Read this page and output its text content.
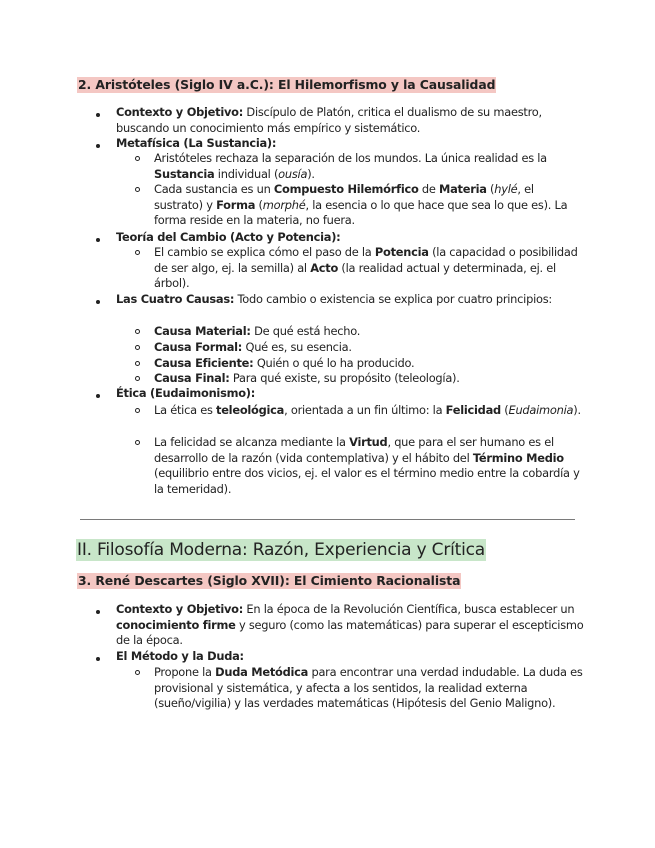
2. Aristóteles (Siglo IV a.C.): El Hilemorfismo y la Causalidad
Contexto y Objetivo: Discípulo de Platón, critica el dualismo de su maestro, buscando un conocimiento más empírico y sistemático.
Metafísica (La Sustancia):
Aristóteles rechaza la separación de los mundos. La única realidad es la Sustancia individual (ousía).
Cada sustancia es un Compuesto Hilemórfico de Materia (hylé, el sustrato) y Forma (morphé, la esencia o lo que hace que sea lo que es). La forma reside en la materia, no fuera.
Teoría del Cambio (Acto y Potencia):
El cambio se explica cómo el paso de la Potencia (la capacidad o posibilidad de ser algo, ej. la semilla) al Acto (la realidad actual y determinada, ej. el árbol).
Las Cuatro Causas: Todo cambio o existencia se explica por cuatro principios:
Causa Material: De qué está hecho.
Causa Formal: Qué es, su esencia.
Causa Eficiente: Quién o qué lo ha producido.
Causa Final: Para qué existe, su propósito (teleología).
Ética (Eudaimonismo):
La ética es teleológica, orientada a un fin último: la Felicidad (Eudaimonia).
La felicidad se alcanza mediante la Virtud, que para el ser humano es el desarrollo de la razón (vida contemplativa) y el hábito del Término Medio (equilibrio entre dos vicios, ej. el valor es el término medio entre la cobardía y la temeridad).
II. Filosofía Moderna: Razón, Experiencia y Crítica
3. René Descartes (Siglo XVII): El Cimiento Racionalista
Contexto y Objetivo: En la época de la Revolución Científica, busca establecer un conocimiento firme y seguro (como las matemáticas) para superar el escepticismo de la época.
El Método y la Duda:
Propone la Duda Metódica para encontrar una verdad indudable. La duda es provisional y sistemática, y afecta a los sentidos, la realidad externa (sueño/vigilia) y las verdades matemáticas (Hipótesis del Genio Maligno).
